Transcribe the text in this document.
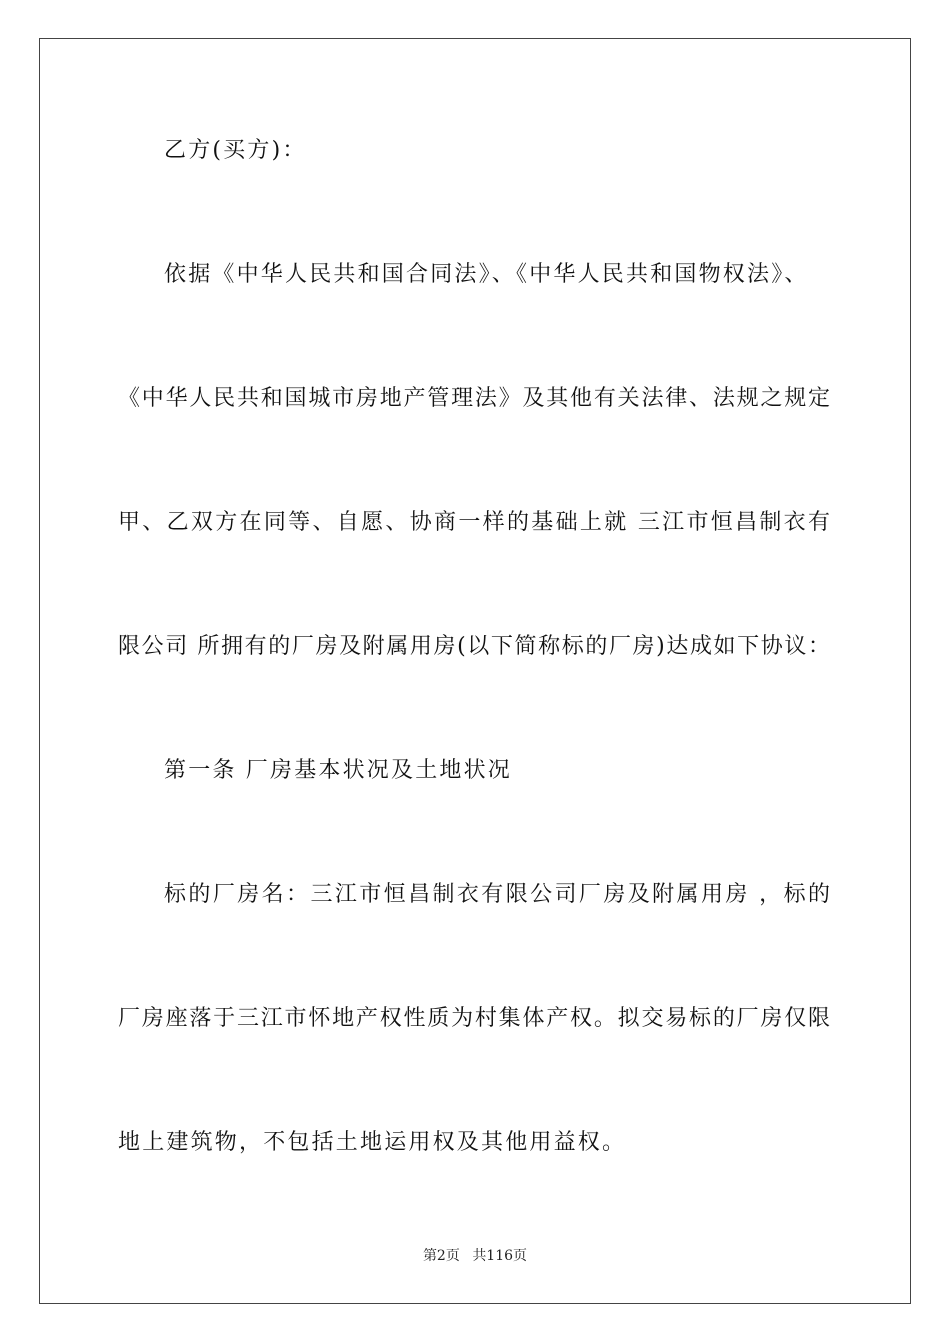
乙方(买方)：
依据《中华人民共和国合同法》、《中华人民共和国物权法》、
《中华人民共和国城市房地产管理法》及其他有关法律、法规之规定
甲、乙双方在同等、自愿、协商一样的基础上就 三江市恒昌制衣有
限公司 所拥有的厂房及附属用房(以下简称标的厂房)达成如下协议：
第一条 厂房基本状况及土地状况
标的厂房名：三江市恒昌制衣有限公司厂房及附属用房 ，标的
厂房座落于三江市怀地产权性质为村集体产权。拟交易标的厂房仅限
地上建筑物，不包括土地运用权及其他用益权。
第2页 共116页
